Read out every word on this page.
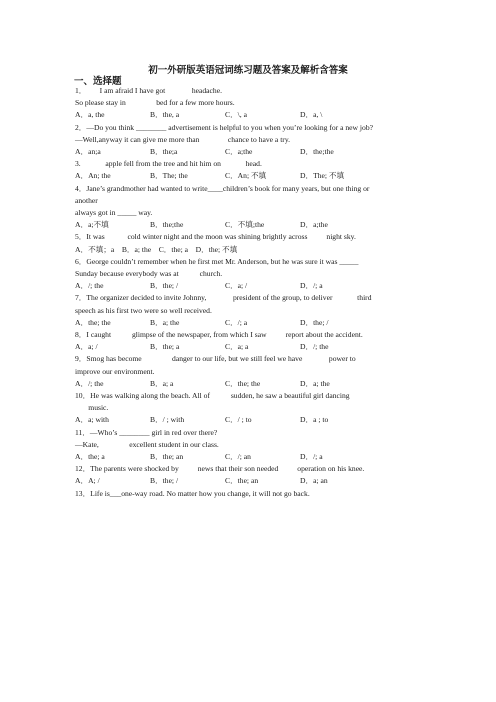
初一外研版英语冠词练习题及答案及解析含答案
一、选择题
1．       I am afraid I have got              headache.
So please stay in                bed for a few more hours.
A．a, the	B．the, a	C．\, a	D．a, \
2．—Do you think ________ advertisement is helpful to you when you’re looking for a new job?
—Well,anyway it can give me more than               chance to have a try.
A．an;a	B．the;a	C．a;the	D．the;the
3.             apple fell from the tree and hit him on             head.
A．An; the	B．The; the	C．An; 不填	D．The; 不填
4．Jane’s grandmother had wanted to write____children’s book for many years, but one thing or
another
always got in _____ way.
A．a;不填	B．the;the	C．不填;the	D．a;the
5．It was            cold winter night and the moon was shining brightly across          night sky.
A．不填；a    B．a; the    C．the; a    D．the; 不填
6．George couldn’t remember when he first met Mr. Anderson, but he was sure it was _____
Sunday because everybody was at           church.
A．/; the	B．the; /	C．a; /	D．/; a
7．The organizer decided to invite Johnny,              president of the group, to deliver             third
speech as his first two were so well received.
A．the; the	B．a; the	C．/; a	D．the; /
8．I caught           glimpse of the newspaper, from which I saw          report about the accident.
A．a; /	B．the; a	C．a; a	D．/; the
9．Smog has become                danger to our life, but we still feel we have              power to
improve our environment.
A．/; the	B．a; a	C．the; the	D．a; the
10．He was walking along the beach. All of           sudden, he saw a beautiful girl dancing
music.
A．a; with	B．/ ; with	C．/ ; to	D．a ; to
11．—Who’s ________ girl in red over there?
—Kate,                excellent student in our class.
A．the; a	B．the; an	C．/; an	D．/; a
12．The parents were shocked by          news that their son needed          operation on his knee.
A．A; /	B．the; /	C．the; an	D．a; an
13．Life is___one-way road. No matter how you change, it will not go back.
